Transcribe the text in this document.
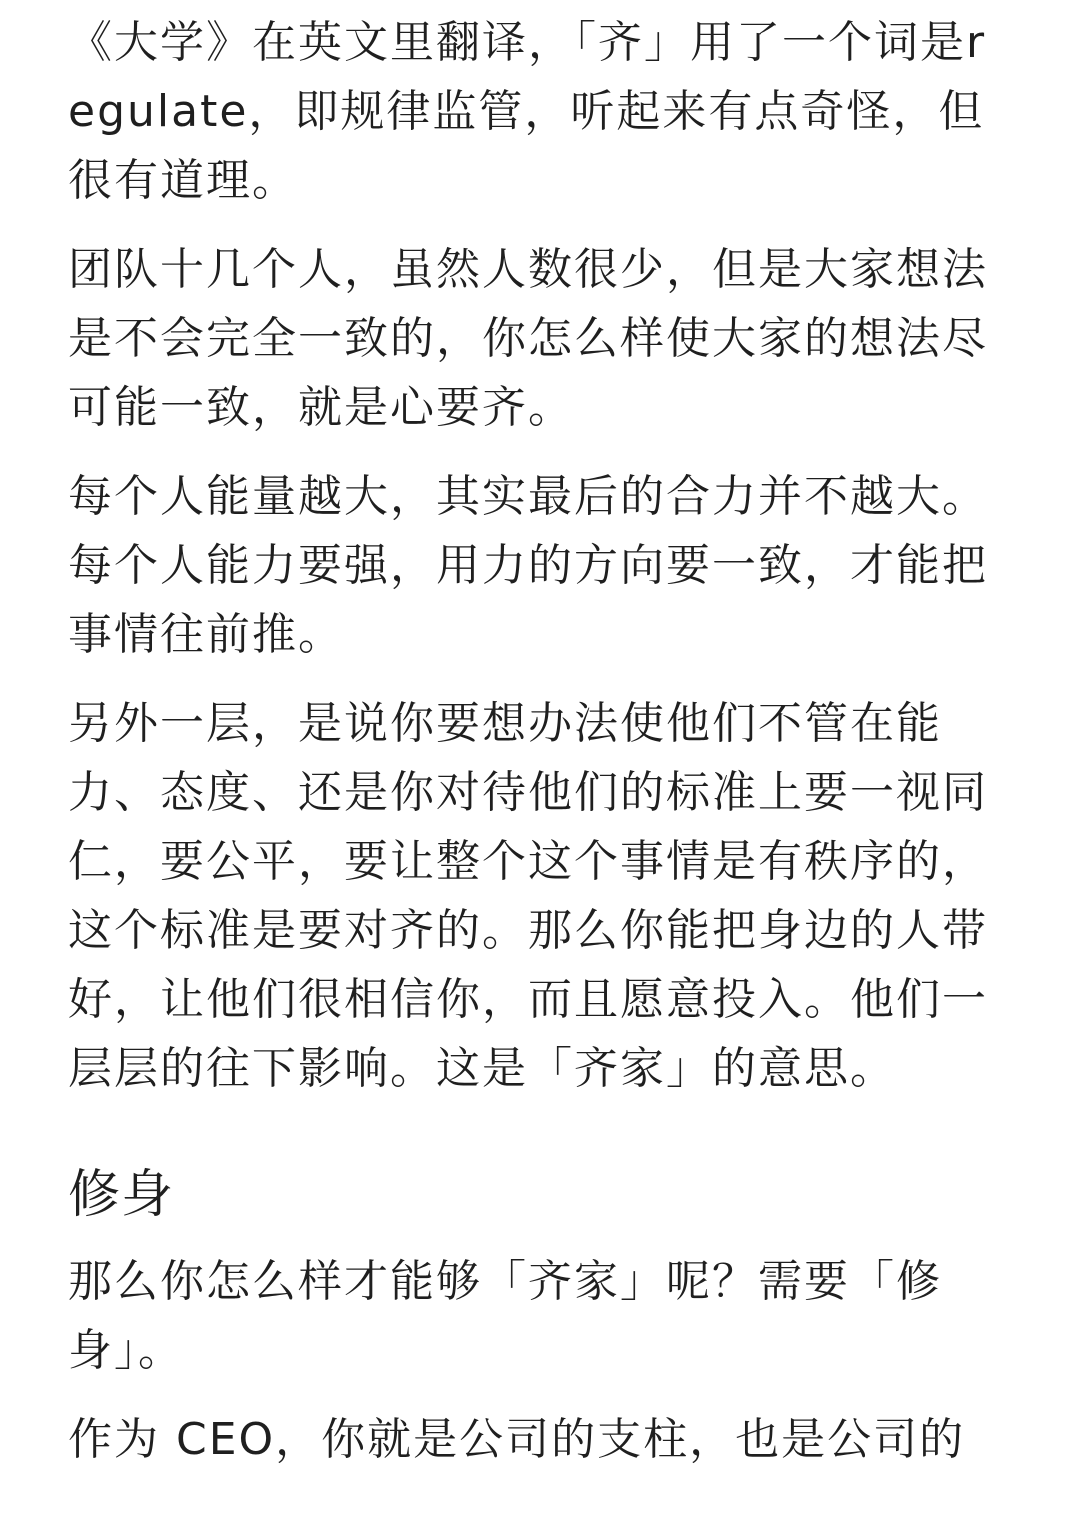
《大学》在英文里翻译，「齐」用了一个词是regulate，即规律监管，听起来有点奇怪，但很有道理。

团队十几个人，虽然人数很少，但是大家想法是不会完全一致的，你怎么样使大家的想法尽可能一致，就是心要齐。

每个人能量越大，其实最后的合力并不越大。每个人能力要强，用力的方向要一致，才能把事情往前推。

另外一层，是说你要想办法使他们不管在能力、态度、还是你对待他们的标准上要一视同仁，要公平，要让整个这个事情是有秩序的，这个标准是要对齐的。那么你能把身边的人带好，让他们很相信你，而且愿意投入。他们一层层的往下影响。这是「齐家」的意思。

修身

那么你怎么样才能够「齐家」呢？需要「修身」。

作为 CEO，你就是公司的支柱，也是公司的
